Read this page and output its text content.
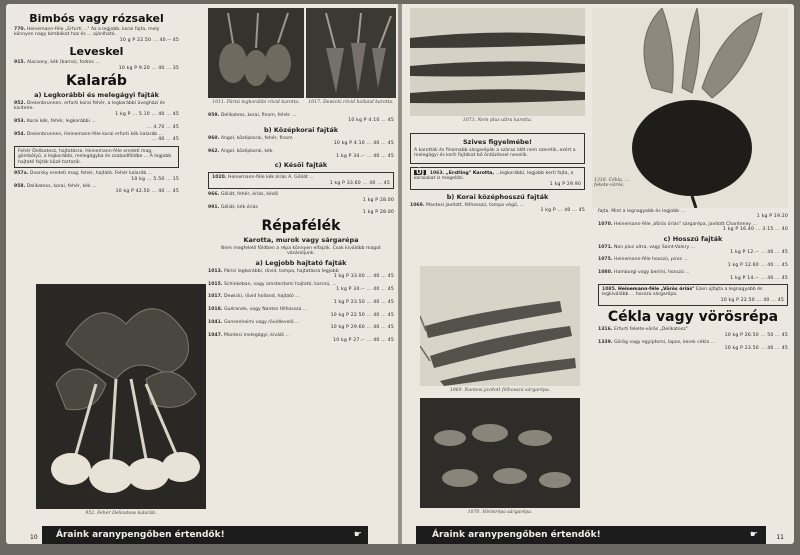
Bimbós vagy rózsakel
770. Heinemann-féle „Erfurti ..." Az a legjobb, korai fajta, mely könnyen nagy bimbókat hoz és ... ajánlható.
10 g P 22.50 ... 40.-- 45
Leveskel
915. Alacsony, kék (barna), fodros ...
10 kg P 9.20 ... 40 ... 35
Kalaráb
a) Legkorábbi és melegágyi fajták
952. Dreienbrunnen, erfurti korai fehér, a legkorábbi üvegházi és kivitelre.
1 kg P ... 5.10 ... 40 ... 45
953. Korai kék, fehér, legkorábbi ...
... 4.70 ... 45
954. Dreienbrunnen, Heinemann-féle korai erfurti kék kalaráb ...
... 40 ... 45
Fehér Delikatesz, hajtatásra. Heinemann-féle eredeti mag, gömbölyű, a legkorábbi, melegágyba és szabadföldbe ... A legjobb hajtató fajták közé tartozik.
957a. Dvorsky eredeti mag, fehér, hajtató. Fehér kalaráb ...
10 kg ... 5.50 ... 15
958. Delikatess, korai, fehér, kék ...
10 kg P 42.50 ... 40 ... 45
952. Fehér Delicatess kalaráb.
1011. Párisi legkorábbi rövid karotta.	1017. Dewicki rövid holland karotta.
959. Delikatess, korai, finom, fehér. ...
10 kg P 4.10 ... 45
b) Középkorai fajták
960. Angol, középkorai, fehér, finom
10 kg P 4.10 ... 40 ... 45
962. Angol, középkorai, kék.
1 kg P 34.-- ... 40 ... 45
c) Késői fajták
1020. Heinemann-féle kék óriás A. Góliát ...
1 kg P 33.60 ... 40 ... 45
966. Góliát, fehér, óriás, késői
1 kg P 28.00
991. Góliát, kék óriás
1 kg P 28.00
Répafélék
Karotta, murok vagy sárgarépa
Nem megfelelő földben a répa könnyen elfajzik. Csak kiválóbb magot vásároljunk.
a) Legjobb hajtató fajták
1013. Párisi legkorábbi, rövid, tompa, hajtatásra legjobb
1 kg P 33.00 ... 40 ... 45
1015. Schinkeban, vagy amsterdami hajtató, karcsú, ...
1 kg P 34.-- ... 40 ... 45
1017. Dewicki, rövid holland, hajtató ...
1 kg P 23.50 ... 40 ... 45
1018. Guérande, vagy Nantes félhosszú ...
10 kg P 22.50 ... 40 ... 45
1041. Gonsenheimi vagy rövidlevelű ...
10 kg P 29.60 ... 40 ... 45
1047. Mantesi melegágyi, kiváló ...
10 kg P 27.-- ... 40 ... 45
Áraink aranypengőben értendők!	☛
10
1073. Nem plus ultra karotta.
Szives figyelmébe!
A karották és finomabb sárgarépák a száraz időt nem szeretik, ezért a melegágyi és kerti fajtákat bő öntözéssel nevelik.
ÚJ 1063. „Erstling" Karotta, ...legkorábbi, legjobb kerti fajta, a koraiakat is megelőzi.
1 kg P 29.90
b) Korai középhosszú fajták
1069. Mantesi javított, félhosszú, tompa végű, ...
1 kg P ... 40 ... 45
1069. Nantesi javított félhosszú sárgarépa.
1070. Vörösrépa sárgarépa.
1318. Cékla, ... fekete-vörös.
fajta. Mint a legnagyobb és legjobb ...
1 kg P 19.20
1070. Heinemann-féle „Vörös óriás" sárgarépa, javított Chanteney ...
1 kg P 16.40 ... 3.15 ... 40
c) Hosszú fajták
1071. Non plus ultra, vagy Saint-Valery ...
1 kg P 12.-- ... 40 ... 45
1075. Heinemann-féle hosszú, piros ...
1 kg P 12.60 ... 40 ... 45
1080. Hamburgi vagy berlini, hosszú ...
1 kg P 14.-- ... 40 ... 45
1085. Heinemann-féle „Vörös óriás" Ezen újfajta a legnagyobb és legkiválóbb ... hosszú sárgarépa.
10 kg P 22.50 ... 40 ... 45
Cékla vagy vörösrépa
1316. Erfurti fekete-vörös „Delikatesz"
10 kg P 26.50 ... 50 ... 45
1339. Görög vagy egyiptomi, lapos, kerek cékla ...
10 kg P 23.50 ... 40 ... 45
Áraink aranypengőben értendők!	☛	11
